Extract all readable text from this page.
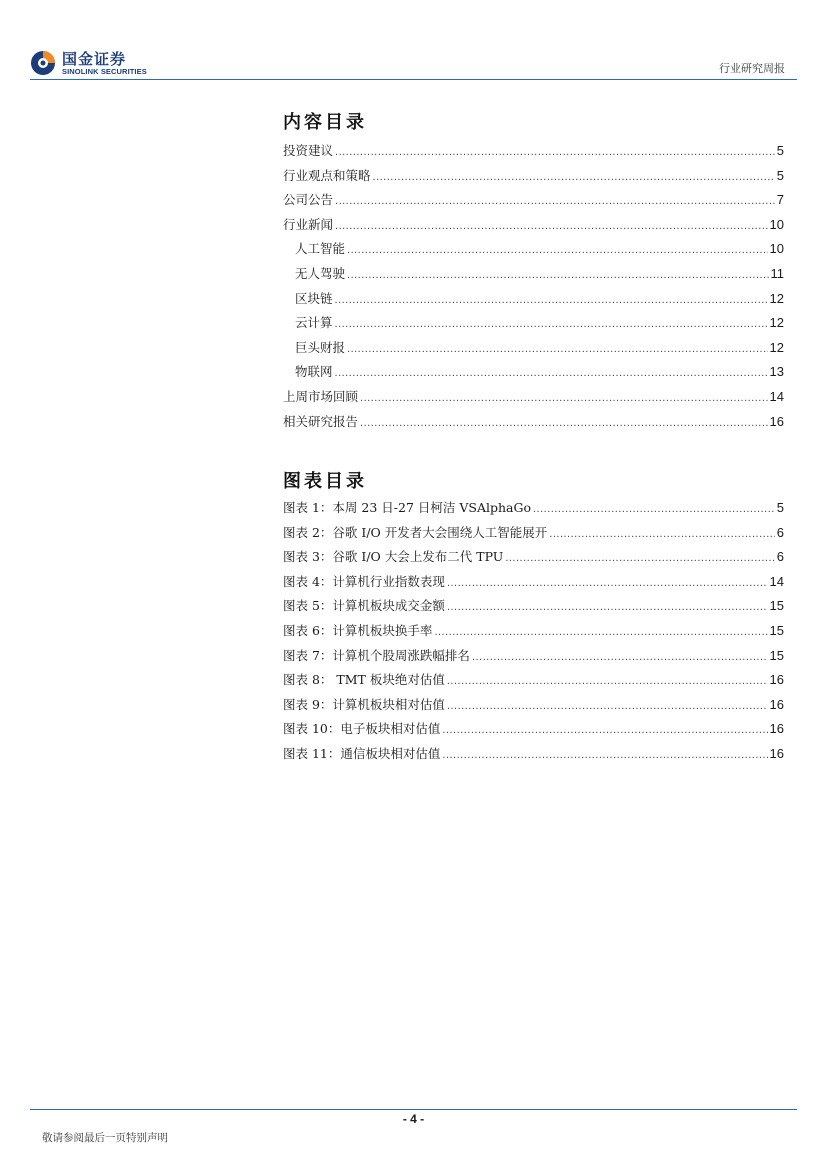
国金证券
SINOLINK SECURITIES	行业研究周报
内容目录
投资建议 .....	5
行业观点和策略 .....	5
公司公告 .....	7
行业新闻 .....	10
人工智能 .....	10
无人驾驶 .....	11
区块链 .....	12
云计算 .....	12
巨头财报 .....	12
物联网 .....	13
上周市场回顾 .....	14
相关研究报告 .....	16
图表目录
图表 1：本周 23 日-27 日柯洁 VSAlphaGo .....	5
图表 2：谷歌 I/O 开发者大会围绕人工智能展开 .....	6
图表 3：谷歌 I/O 大会上发布二代 TPU .....	6
图表 4：计算机行业指数表现 .....	14
图表 5：计算机板块成交金额 .....	15
图表 6：计算机板块换手率 .....	15
图表 7：计算机个股周涨跌幅排名 .....	15
图表 8： TMT 板块绝对估值 .....	16
图表 9：计算机板块相对估值 .....	16
图表 10：电子板块相对估值 .....	16
图表 11：通信板块相对估值 .....	16
- 4 -
敬请参阅最后一页特别声明
